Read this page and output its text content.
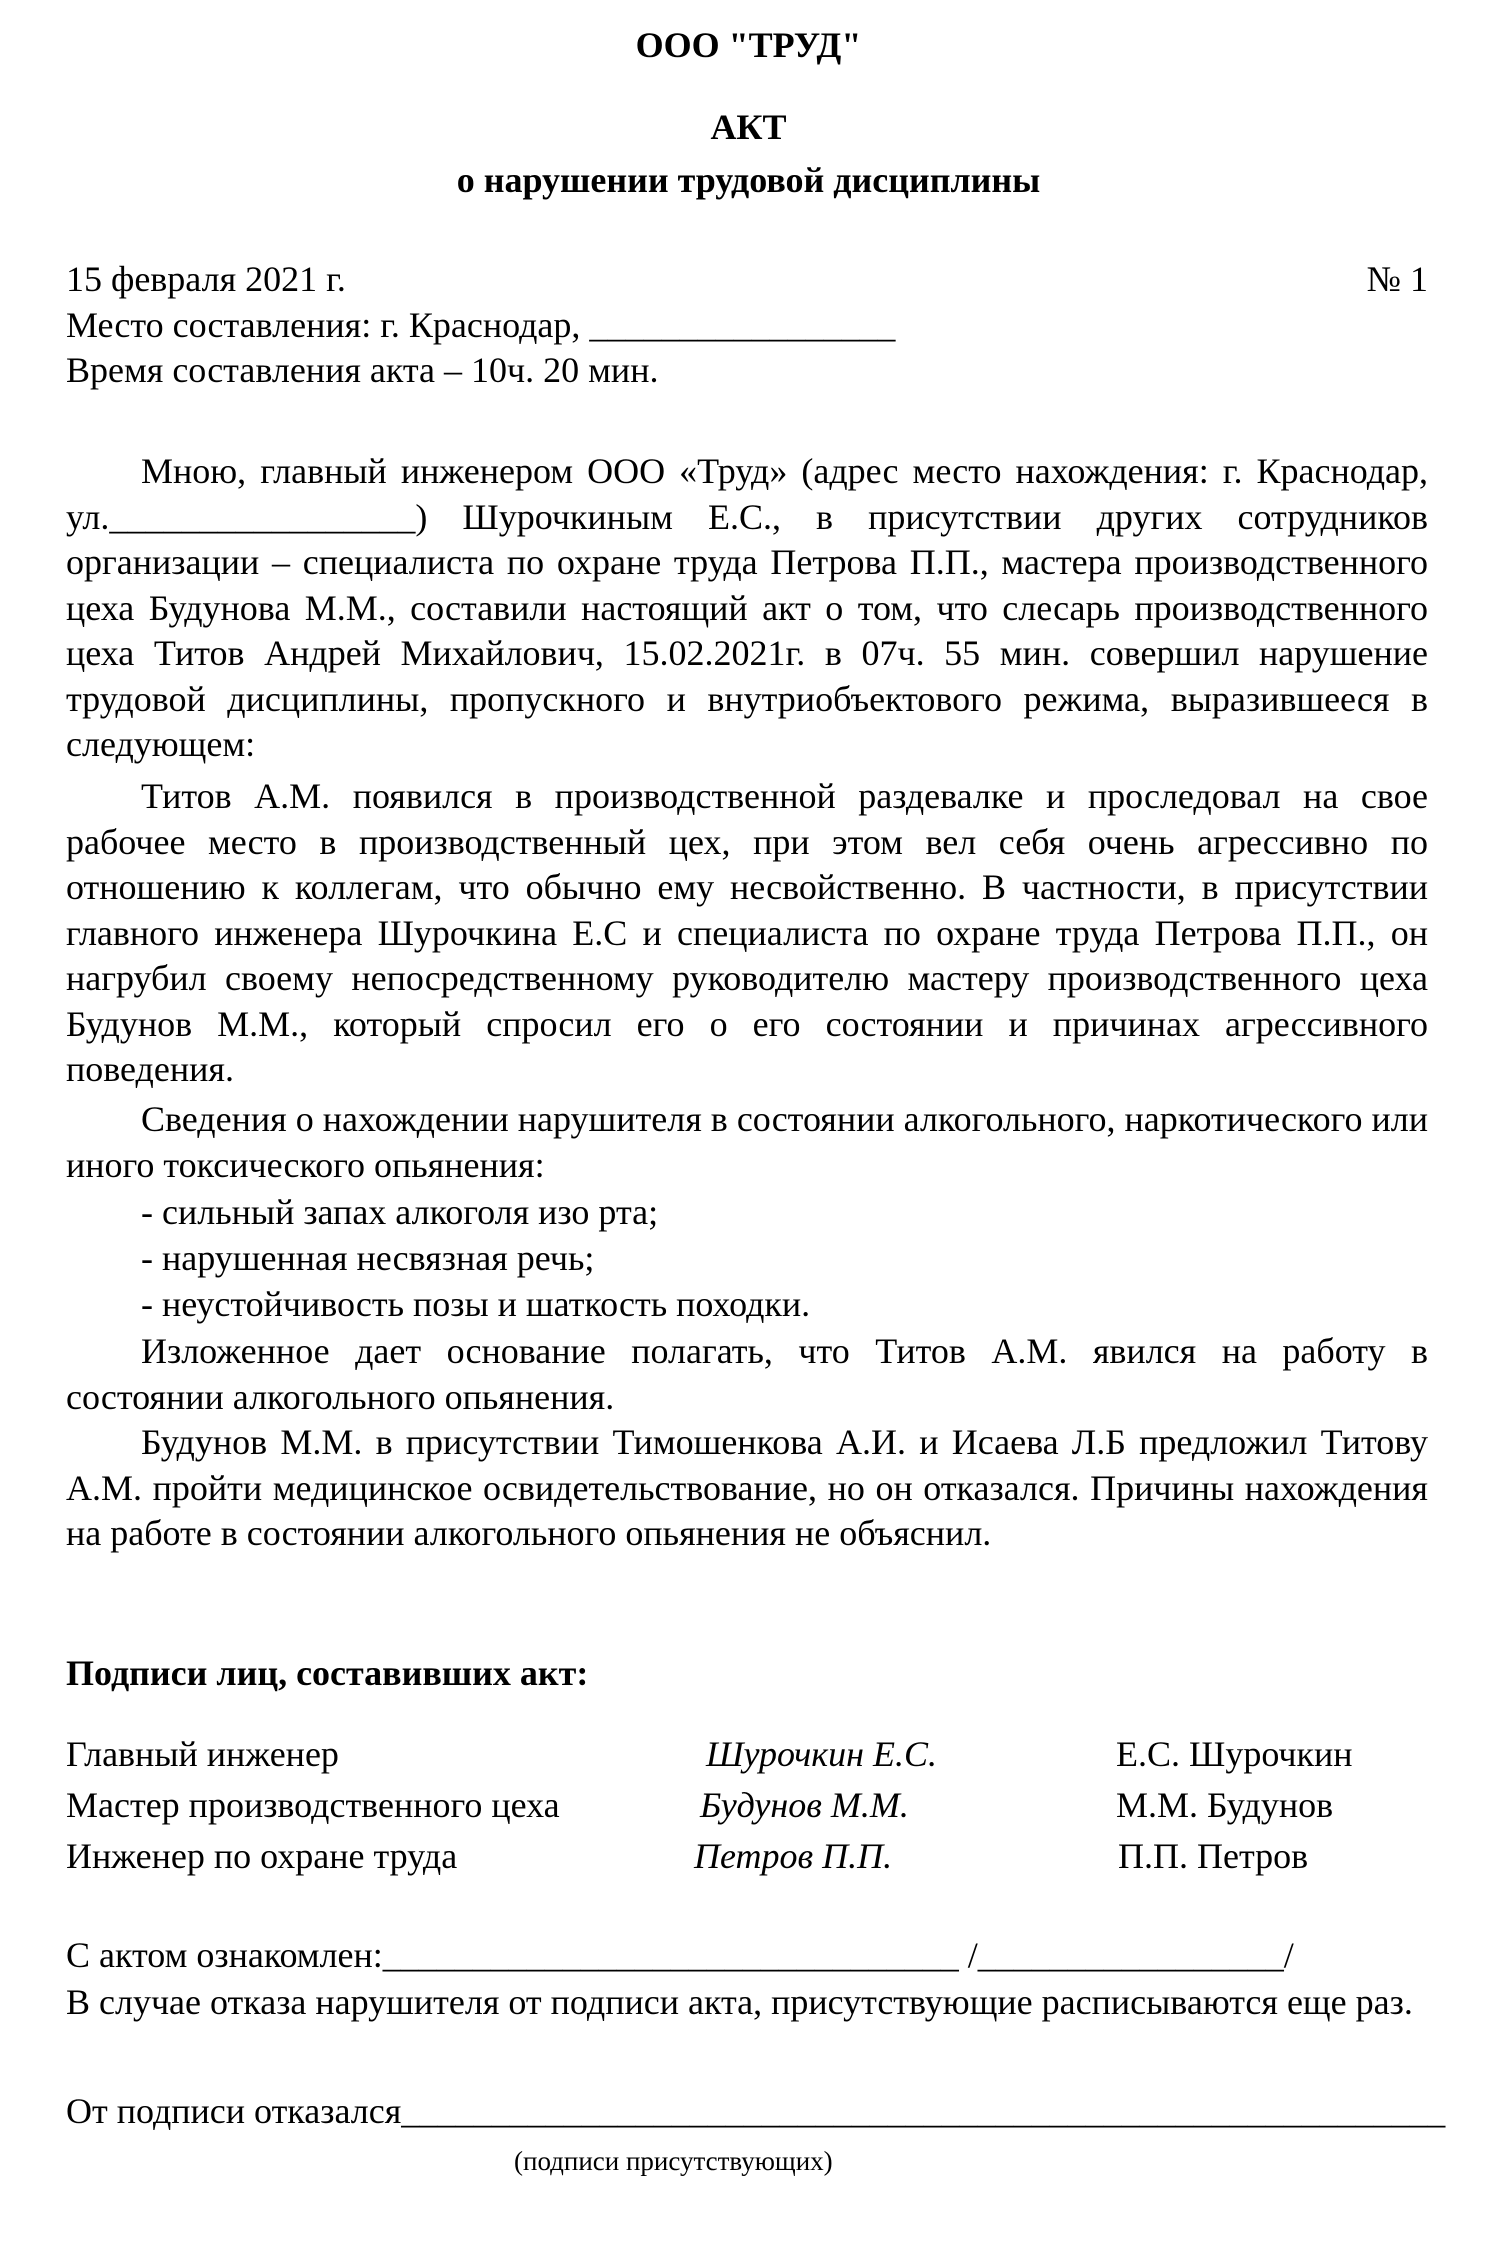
ООО "ТРУД"
АКТ
о нарушении трудовой дисциплины
15 февраля 2021 г.	№ 1
Место составления: г. Краснодар, _________________
Время составления акта – 10ч. 20 мин.
Мною, главный инженером ООО «Труд» (адрес место нахождения: г. Краснодар, ул._________________) Шурочкиным Е.С., в присутствии других сотрудников организации – специалиста по охране труда Петрова П.П., мастера производственного цеха Будунова М.М., составили настоящий акт о том, что слесарь производственного цеха Титов Андрей Михайлович, 15.02.2021г. в 07ч. 55 мин. совершил нарушение трудовой дисциплины, пропускного и внутриобъектового режима, выразившееся в следующем:
Титов А.М. появился в производственной раздевалке и проследовал на свое рабочее место в производственный цех, при этом вел себя очень агрессивно по отношению к коллегам, что обычно ему несвойственно. В частности, в присутствии главного инженера Шурочкина Е.С и специалиста по охране труда Петрова П.П., он нагрубил своему непосредственному руководителю мастеру производственного цеха Будунов М.М., который спросил его о его состоянии и причинах агрессивного поведения.
Сведения о нахождении нарушителя в состоянии алкогольного, наркотического или иного токсического опьянения:
- сильный запах алкоголя изо рта;
- нарушенная несвязная речь;
- неустойчивость позы и шаткость походки.
Изложенное дает основание полагать, что Титов А.М. явился на работу в состоянии алкогольного опьянения.
Будунов М.М. в присутствии Тимошенкова А.И. и Исаева Л.Б предложил Титову А.М. пройти медицинское освидетельствование, но он отказался. Причины нахождения на работе в состоянии алкогольного опьянения не объяснил.
Подписи лиц, составивших акт:
Главный инженер	Шурочкин Е.С.	Е.С. Шурочкин
Мастер производственного цеха	Будунов М.М.	М.М. Будунов
Инженер по охране труда	Петров П.П.	П.П. Петров
С актом ознакомлен:________________________________ /_________________/
В случае отказа нарушителя от подписи акта, присутствующие расписываются еще раз.
От подписи отказался__________________________________________________________
(подписи присутствующих)
